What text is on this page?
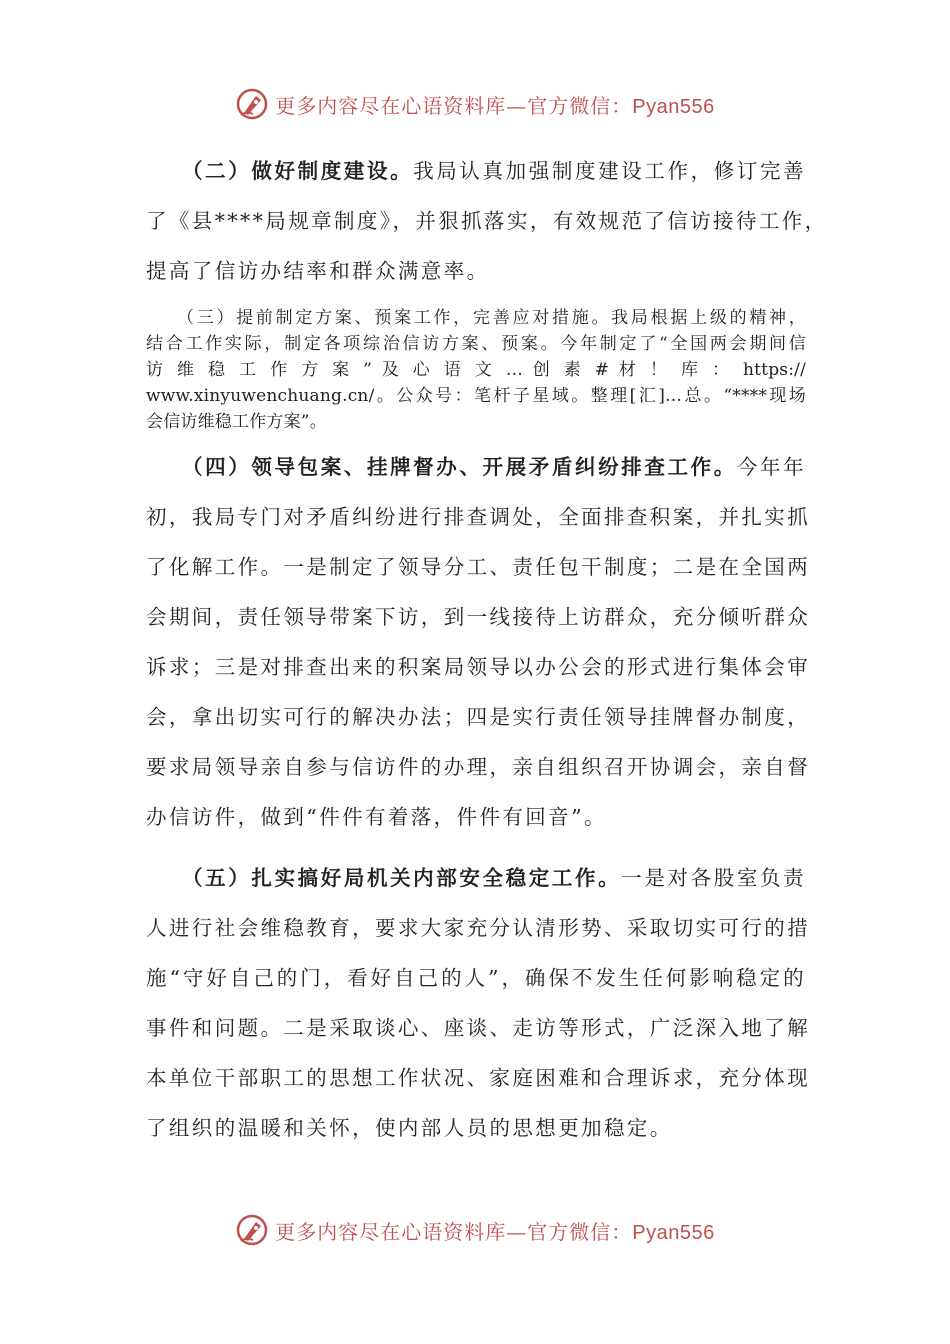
更多内容尽在心语资料库—官方微信：Pyan556
　　（二）做好制度建设。我局认真加强制度建设工作，修订完善
了《县****局规章制度》，并狠抓落实，有效规范了信访接待工作，
提高了信访办结率和群众满意率。
　　（三）提前制定方案、预案工作，完善应对措施。我局根据上级的精神，
结合工作实际，制定各项综治信访方案、预案。今年制定了“全国两会期间信
访 维 稳 工 作 方 案 ” 及 心 语 文 … 创 素 # 材 ！ 库 ： https://
www.xinyuwenchuang.cn/。公众号：笔杆子星域。整理[汇]…总。“****现场
会信访维稳工作方案”。
　　（四）领导包案、挂牌督办、开展矛盾纠纷排查工作。今年年
初，我局专门对矛盾纠纷进行排查调处，全面排查积案，并扎实抓
了化解工作。一是制定了领导分工、责任包干制度；二是在全国两
会期间，责任领导带案下访，到一线接待上访群众，充分倾听群众
诉求；三是对排查出来的积案局领导以办公会的形式进行集体会审
会，拿出切实可行的解决办法；四是实行责任领导挂牌督办制度，
要求局领导亲自参与信访件的办理，亲自组织召开协调会，亲自督
办信访件，做到“件件有着落，件件有回音”。
　　（五）扎实搞好局机关内部安全稳定工作。一是对各股室负责
人进行社会维稳教育，要求大家充分认清形势、采取切实可行的措
施“守好自己的门，看好自己的人”，确保不发生任何影响稳定的
事件和问题。二是采取谈心、座谈、走访等形式，广泛深入地了解
本单位干部职工的思想工作状况、家庭困难和合理诉求，充分体现
了组织的温暖和关怀，使内部人员的思想更加稳定。
更多内容尽在心语资料库—官方微信：Pyan556
